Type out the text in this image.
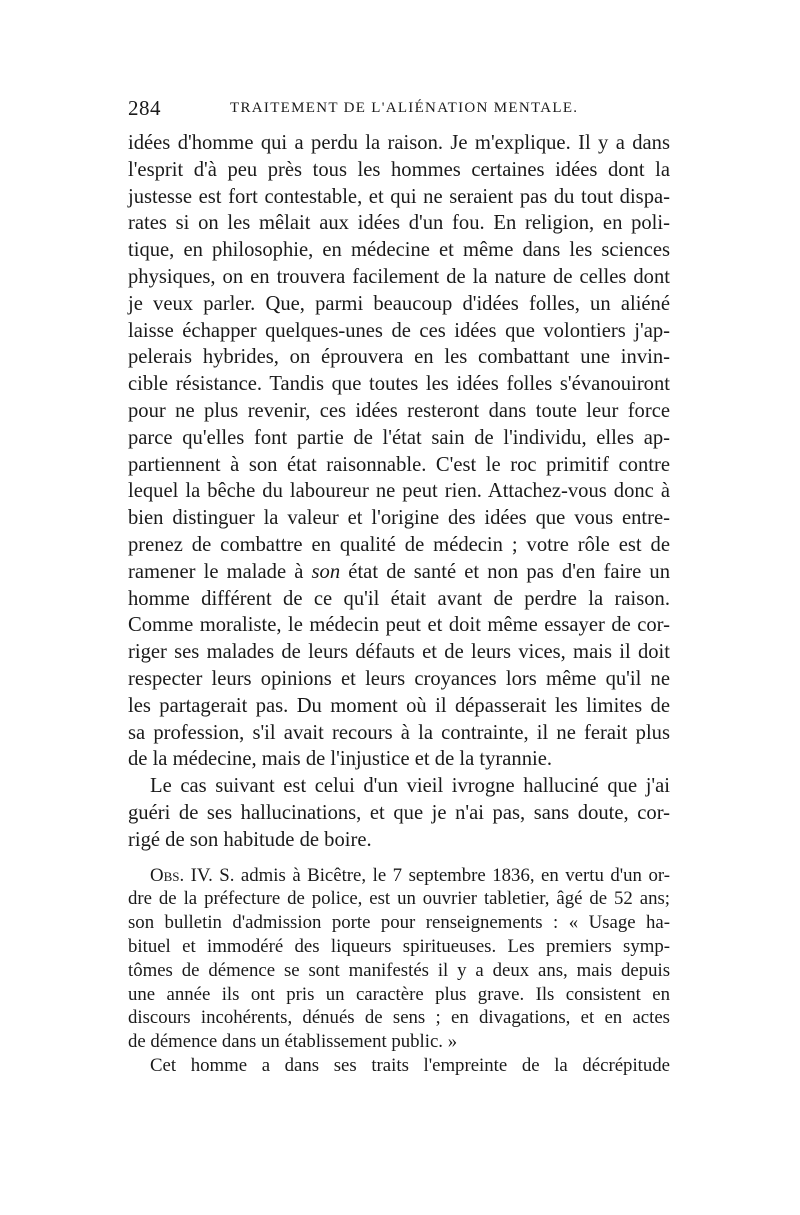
284	TRAITEMENT DE L'ALIÉNATION MENTALE.
idées d'homme qui a perdu la raison. Je m'explique. Il y a dans
l'esprit d'à peu près tous les hommes certaines idées dont la
justesse est fort contestable, et qui ne seraient pas du tout dispa-
rates si on les mêlait aux idées d'un fou. En religion, en poli-
tique, en philosophie, en médecine et même dans les sciences
physiques, on en trouvera facilement de la nature de celles dont
je veux parler. Que, parmi beaucoup d'idées folles, un aliéné
laisse échapper quelques-unes de ces idées que volontiers j'ap-
pelerais hybrides, on éprouvera en les combattant une invin-
cible résistance. Tandis que toutes les idées folles s'évanouiront
pour ne plus revenir, ces idées resteront dans toute leur force
parce qu'elles font partie de l'état sain de l'individu, elles ap-
partiennent à son état raisonnable. C'est le roc primitif contre
lequel la bêche du laboureur ne peut rien. Attachez-vous donc à
bien distinguer la valeur et l'origine des idées que vous entre-
prenez de combattre en qualité de médecin ; votre rôle est de
ramener le malade à son état de santé et non pas d'en faire un
homme différent de ce qu'il était avant de perdre la raison.
Comme moraliste, le médecin peut et doit même essayer de cor-
riger ses malades de leurs défauts et de leurs vices, mais il doit
respecter leurs opinions et leurs croyances lors même qu'il ne
les partagerait pas. Du moment où il dépasserait les limites de
sa profession, s'il avait recours à la contrainte, il ne ferait plus
de la médecine, mais de l'injustice et de la tyrannie.
Le cas suivant est celui d'un vieil ivrogne halluciné que j'ai
guéri de ses hallucinations, et que je n'ai pas, sans doute, cor-
rigé de son habitude de boire.
Obs. IV. S. admis à Bicêtre, le 7 septembre 1836, en vertu d'un or-
dre de la préfecture de police, est un ouvrier tabletier, âgé de 52 ans;
son bulletin d'admission porte pour renseignements : « Usage ha-
bituel et immodéré des liqueurs spiritueuses. Les premiers symp-
tômes de démence se sont manifestés il y a deux ans, mais depuis
une année ils ont pris un caractère plus grave. Ils consistent en
discours incohérents, dénués de sens ; en divagations, et en actes
de démence dans un établissement public. »
Cet homme a dans ses traits l'empreinte de la décrépitude
